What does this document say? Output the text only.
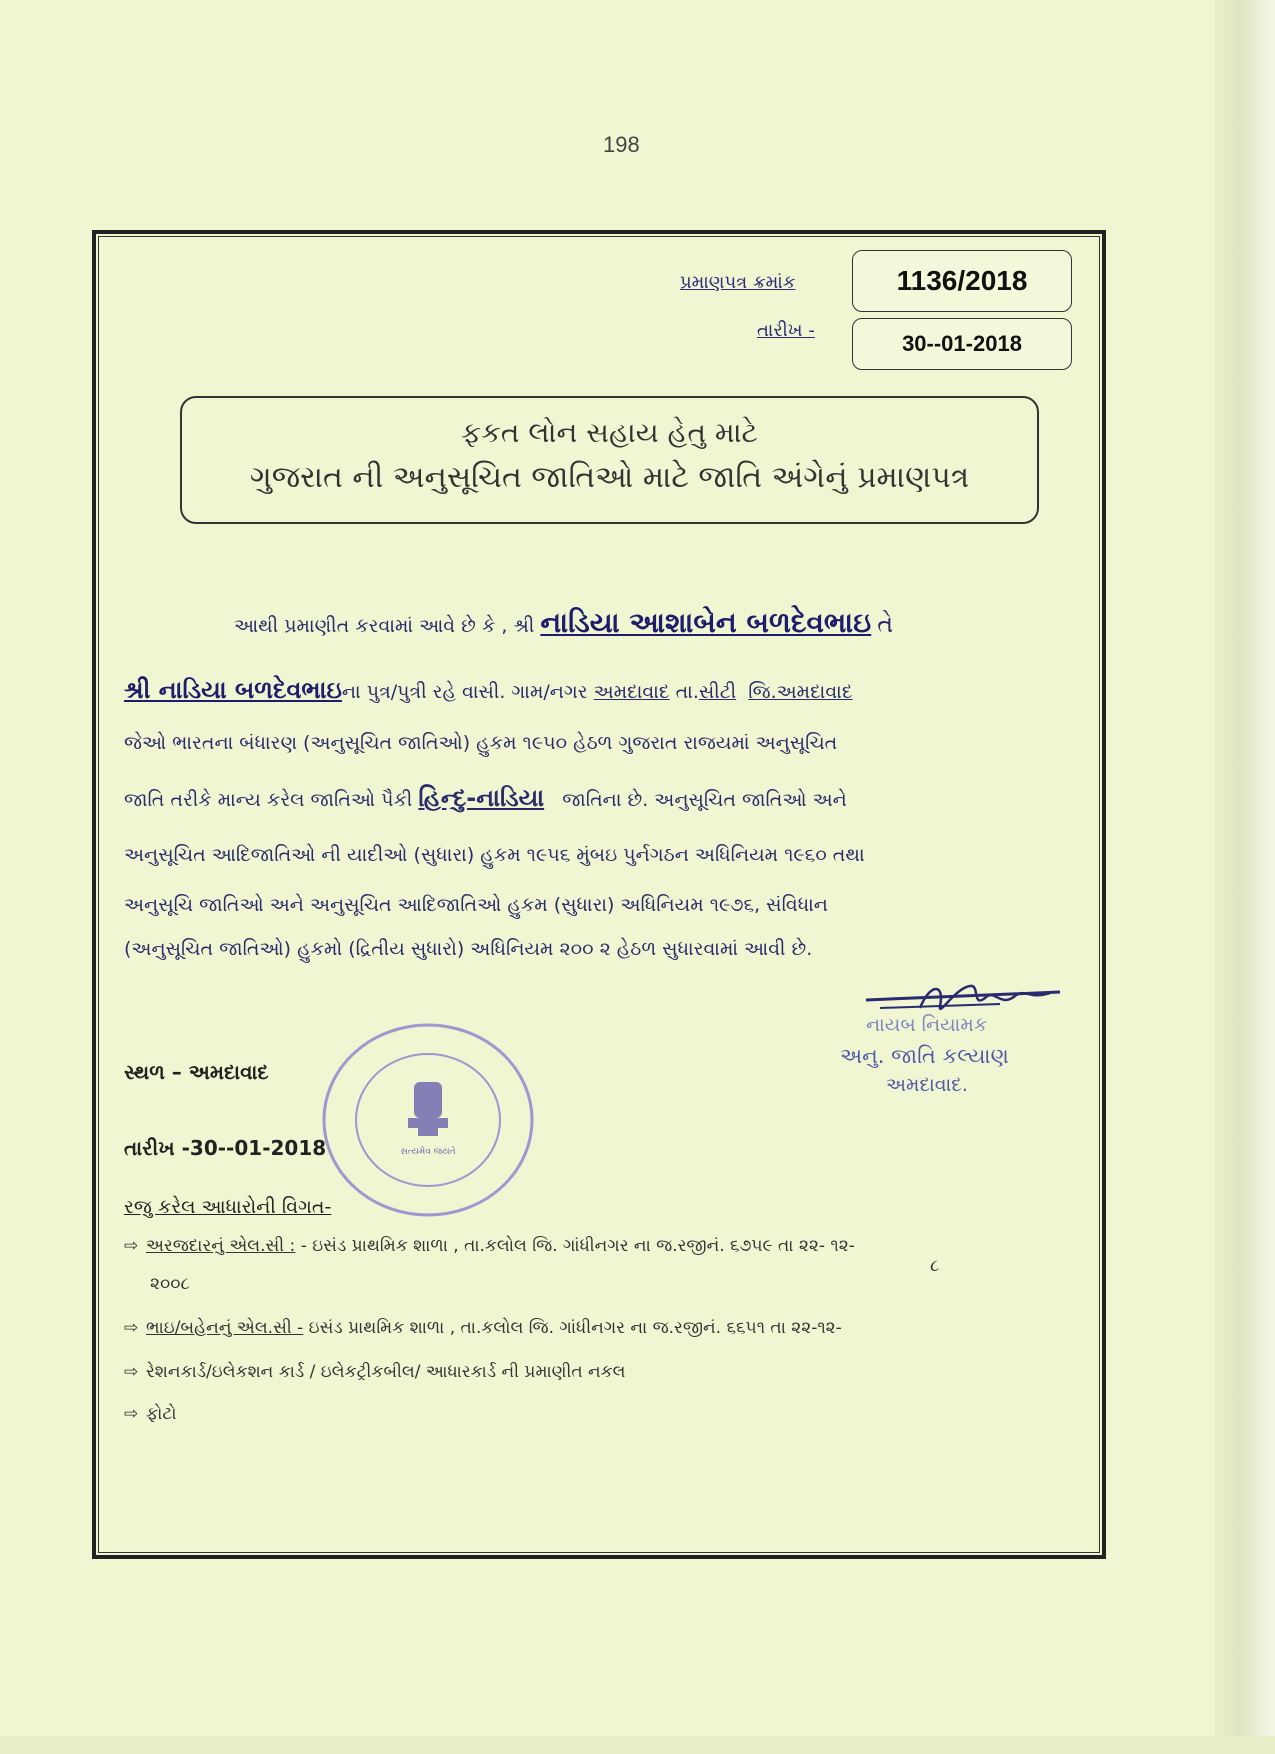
198
પ્રમાણપત્ર ક્રમાંક	1136/2018
તારીખ -
30--01-2018
ફકત લોન સહાય હેતુ માટે
ગુજરાત ની અનુસૂચિત જાતિઓ માટે જાતિ અંગેનું પ્રમાણપત્ર
આથી પ્રમાણીત કરવામાં આવે છે કે , શ્રી નાડિયા આશાબેન બળદેવભાઇ તે
શ્રી નાડિયા બળદેવભાઇના પુત્ર/પુત્રી રહે વાસી. ગામ/નગર અમદાવાદ તા.સીટી જિ.અમદાવાદ
જેઓ ભારતના બંધારણ (અનુસૂચિત જાતિઓ) હુકમ ૧૯૫૦ હેઠળ ગુજરાત રાજયમાં અનુસૂચિત
જાતિ તરીકે માન્ય કરેલ જાતિઓ પૈકી હિન્દુ-નાડિયા જાતિના છે. અનુસૂચિત જાતિઓ અને
અનુસૂચિત આદિજાતિઓ ની યાદીઓ (સુધારા) હુકમ ૧૯૫૬ મુંબઇ પુર્નગઠન અધિનિયમ ૧૯૬૦ તથા
અનુસૂચિ જાતિઓ અને અનુસૂચિત આદિજાતિઓ હુકમ (સુધારા) અધિનિયમ ૧૯૭૬, સંવિધાન
(અનુસૂચિત જાતિઓ) હુકમો (દ્રિતીય સુધારો) અધિનિયમ ૨૦૦ ૨ હેઠળ સુધારવામાં આવી છે.
નાયબ નિયામક
અનુ. જાતિ કલ્યાણ
અમદાવાદ.
સત્યમેવ જયતે
સ્થળ – અમદાવાદ
તારીખ -30--01-2018
રજુ કરેલ આધારોની વિગત-
⇨ અરજદારનું એલ.સી : - ઇસંડ પ્રાથમિક શાળા , તા.કલોલ જિ. ગાંધીનગર ના જ.રજીનં. ૬૭૫૯ તા ૨૨- ૧૨-
૮
૨૦૦૮
⇨ ભાઇ/બહેનનું એલ.સી - ઇસંડ પ્રાથમિક શાળા , તા.કલોલ જિ. ગાંધીનગર ના જ.રજીનં. ૬૬૫૧ તા ૨૨-૧૨-
⇨ રેશનકાર્ડ/ઇલેકશન કાર્ડ / ઇલેકટ્રીકબીલ/ આધારકાર્ડ ની પ્રમાણીત નકલ
⇨ ફોટો
